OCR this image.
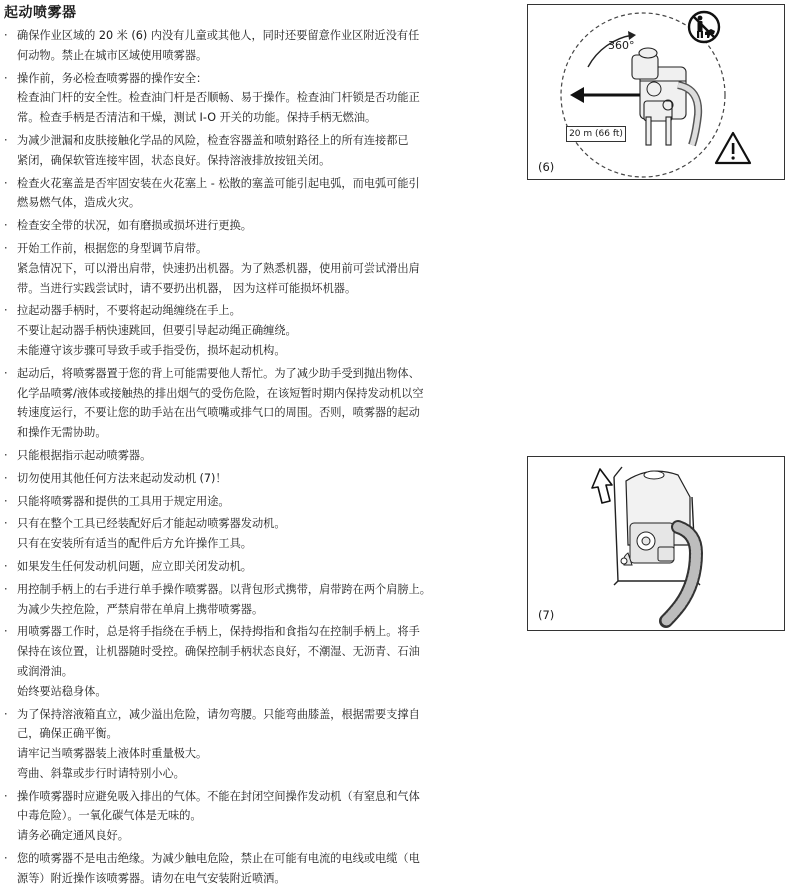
起动喷雾器
· 确保作业区域的 20 米 (6) 内没有儿童或其他人，同时还要留意作业区附近没有任
何动物。禁止在城市区域使用喷雾器。
· 操作前，务必检查喷雾器的操作安全：
检查油门杆的安全性。检查油门杆是否顺畅、易于操作。检查油门杆锁是否功能正
常。检查手柄是否清洁和干燥，测试 I-O 开关的功能。保持手柄无燃油。
· 为减少泄漏和皮肤接触化学品的风险，检查容器盖和喷射路径上的所有连接都已
紧闭，确保软管连接牢固，状态良好。保持溶液排放按钮关闭。
· 检查火花塞盖是否牢固安装在火花塞上 - 松散的塞盖可能引起电弧，而电弧可能引
燃易燃气体，造成火灾。
· 检查安全带的状况，如有磨损或损坏进行更换。
· 开始工作前，根据您的身型调节肩带。
紧急情况下，可以滑出肩带，快速扔出机器。为了熟悉机器，使用前可尝试滑出肩
带。当进行实践尝试时，请不要扔出机器， 因为这样可能损坏机器。
· 拉起动器手柄时，不要将起动绳缠绕在手上。
不要让起动器手柄快速跳回，但要引导起动绳正确缠绕。
未能遵守该步骤可导致手或手指受伤，损坏起动机构。
· 起动后，将喷雾器置于您的背上可能需要他人帮忙。为了减少助手受到抛出物体、
化学品喷雾/液体或接触热的排出烟气的受伤危险，在该短暂时期内保持发动机以空
转速度运行，不要让您的助手站在出气喷嘴或排气口的周围。否则，喷雾器的起动
和操作无需协助。
· 只能根据指示起动喷雾器。
· 切勿使用其他任何方法来起动发动机 (7)！
· 只能将喷雾器和提供的工具用于规定用途。
· 只有在整个工具已经装配好后才能起动喷雾器发动机。
只有在安装所有适当的配件后方允许操作工具。
· 如果发生任何发动机问题，应立即关闭发动机。
· 用控制手柄上的右手进行单手操作喷雾器。以背包形式携带，肩带跨在两个肩膀上。
为减少失控危险，严禁肩带在单肩上携带喷雾器。
· 用喷雾器工作时，总是将手指绕在手柄上，保持拇指和食指勾在控制手柄上。将手
保持在该位置，让机器随时受控。确保控制手柄状态良好，不潮湿、无沥青、石油
或润滑油。
始终要站稳身体。
· 为了保持溶液箱直立，减少溢出危险，请勿弯腰。只能弯曲膝盖，根据需要支撑自
己，确保正确平衡。
请牢记当喷雾器装上液体时重量极大。
弯曲、斜靠或步行时请特别小心。
· 操作喷雾器时应避免吸入排出的气体。不能在封闭空间操作发动机（有窒息和气体
中毒危险）。一氧化碳气体是无味的。
请务必确定通风良好。
· 您的喷雾器不是电击绝缘。为减少触电危险，禁止在可能有电流的电线或电缆（电
源等）附近操作该喷雾器。请勿在电气安装附近喷洒。
360°
20 m (66 ft)
(6)
(7)
